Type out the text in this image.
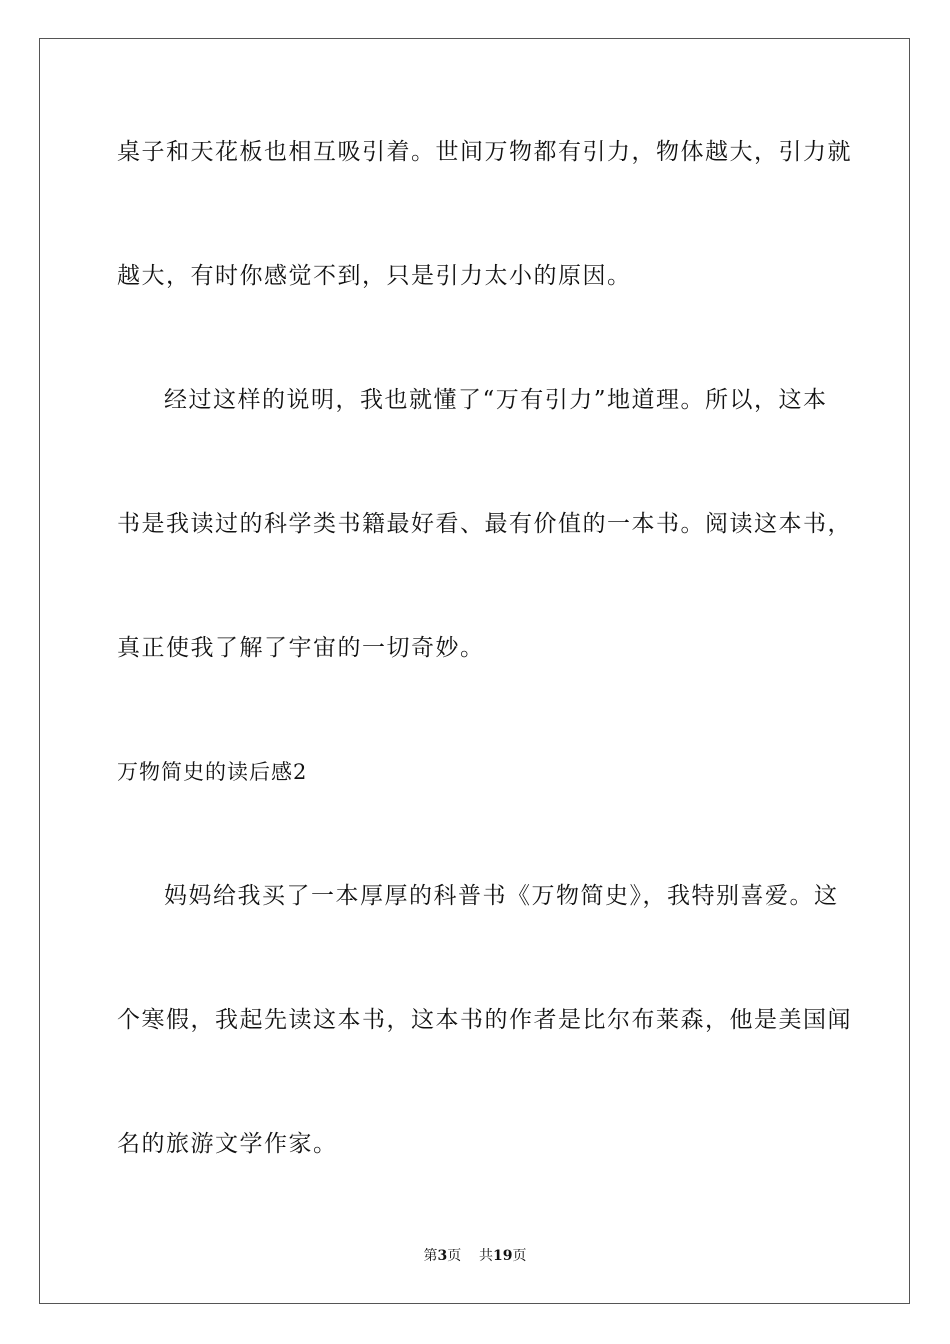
桌子和天花板也相互吸引着。世间万物都有引力，物体越大，引力就
越大，有时你感觉不到，只是引力太小的原因。
经过这样的说明，我也就懂了“万有引力”地道理。所以，这本
书是我读过的科学类书籍最好看、最有价值的一本书。阅读这本书，
真正使我了解了宇宙的一切奇妙。
万物简史的读后感2
妈妈给我买了一本厚厚的科普书《万物简史》，我特别喜爱。这
个寒假，我起先读这本书，这本书的作者是比尔布莱森，他是美国闻
名的旅游文学作家。
第3页 共19页
